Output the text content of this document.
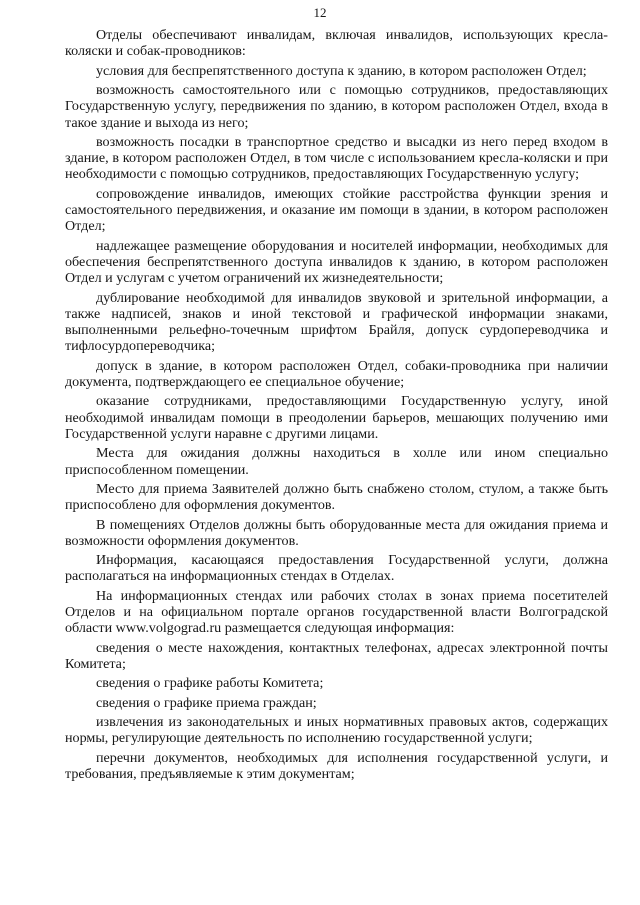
12

Отделы обеспечивают инвалидам, включая инвалидов, использующих кресла-коляски и собак-проводников:

условия для беспрепятственного доступа к зданию, в котором расположен Отдел;

возможность самостоятельного или с помощью сотрудников, предоставляющих Государственную услугу, передвижения по зданию, в котором расположен Отдел, входа в такое здание и выхода из него;

возможность посадки в транспортное средство и высадки из него перед входом в здание, в котором расположен Отдел, в том числе с использованием кресла-коляски и при необходимости с помощью сотрудников, предоставляющих Государственную услугу;

сопровождение инвалидов, имеющих стойкие расстройства функции зрения и самостоятельного передвижения, и оказание им помощи в здании, в котором расположен Отдел;

надлежащее размещение оборудования и носителей информации, необходимых для обеспечения беспрепятственного доступа инвалидов к зданию, в котором расположен Отдел и услугам с учетом ограничений их жизнедеятельности;

дублирование необходимой для инвалидов звуковой и зрительной информации, а также надписей, знаков и иной текстовой и графической информации знаками, выполненными рельефно-точечным шрифтом Брайля, допуск сурдопереводчика и тифлосурдопереводчика;

допуск в здание, в котором расположен Отдел, собаки-проводника при наличии документа, подтверждающего ее специальное обучение;

оказание сотрудниками, предоставляющими Государственную услугу, иной необходимой инвалидам помощи в преодолении барьеров, мешающих получению ими Государственной услуги наравне с другими лицами.

Места для ожидания должны находиться в холле или ином специально приспособленном помещении.

Место для приема Заявителей должно быть снабжено столом, стулом, а также быть приспособлено для оформления документов.

В помещениях Отделов должны быть оборудованные места для ожидания приема и возможности оформления документов.

Информация, касающаяся предоставления Государственной услуги, должна располагаться на информационных стендах в Отделах.

На информационных стендах или рабочих столах в зонах приема посетителей Отделов и на официальном портале органов государственной власти Волгоградской области www.volgograd.ru размещается следующая информация:

сведения о месте нахождения, контактных телефонах, адресах электронной почты Комитета;

сведения о графике работы Комитета;

сведения о графике приема граждан;

извлечения из законодательных и иных нормативных правовых актов, содержащих нормы, регулирующие деятельность по исполнению государственной услуги;

перечни документов, необходимых для исполнения государственной услуги, и требования, предъявляемые к этим документам;
